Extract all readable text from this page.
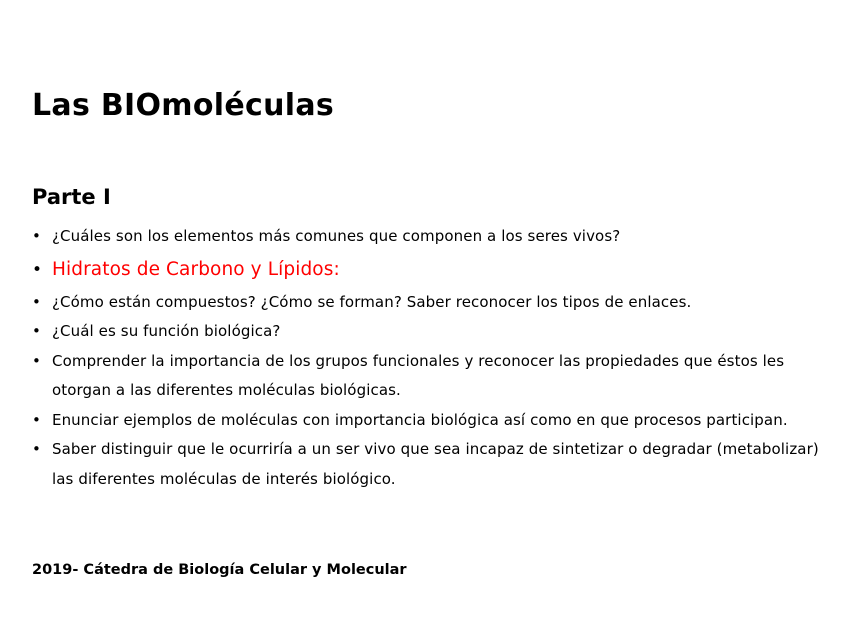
Las BIOmoléculas
Parte I
• ¿Cuáles son los elementos más comunes que componen a los seres vivos?
• Hidratos de Carbono y Lípidos:
• ¿Cómo están compuestos? ¿Cómo se forman? Saber reconocer los tipos de enlaces.
• ¿Cuál es su función biológica?
• Comprender la importancia de los grupos funcionales y reconocer las propiedades que éstos les otorgan a las diferentes moléculas biológicas.
• Enunciar ejemplos de moléculas con importancia biológica así como en que procesos participan.
• Saber distinguir que le ocurriría a un ser vivo que sea incapaz de sintetizar o degradar (metabolizar) las diferentes moléculas de interés biológico.
2019- Cátedra de Biología Celular y Molecular
